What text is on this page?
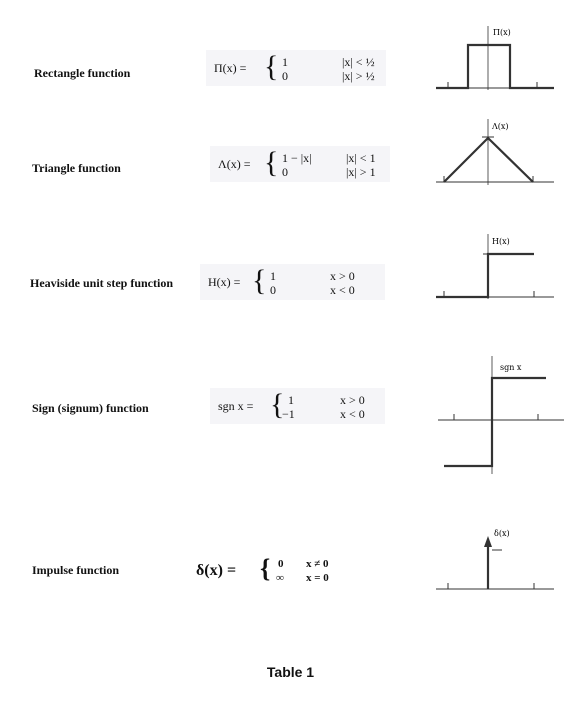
Rectangle function	Π(x) = { 1	|x| < ½
0	|x| > ½
Π(x)
Triangle function	Λ(x) = { 1 − |x|	|x| < 1
0	|x| > 1
Λ(x)
Heaviside unit step function	H(x) = { 1	x > 0
0	x < 0
H(x)
Sign (signum) function	sgn x = { 1	x > 0
−1	x < 0
sgn x
Impulse function	δ(x) = { 0 x ≠ 0
∞ x = 0
δ(x)
Table 1
